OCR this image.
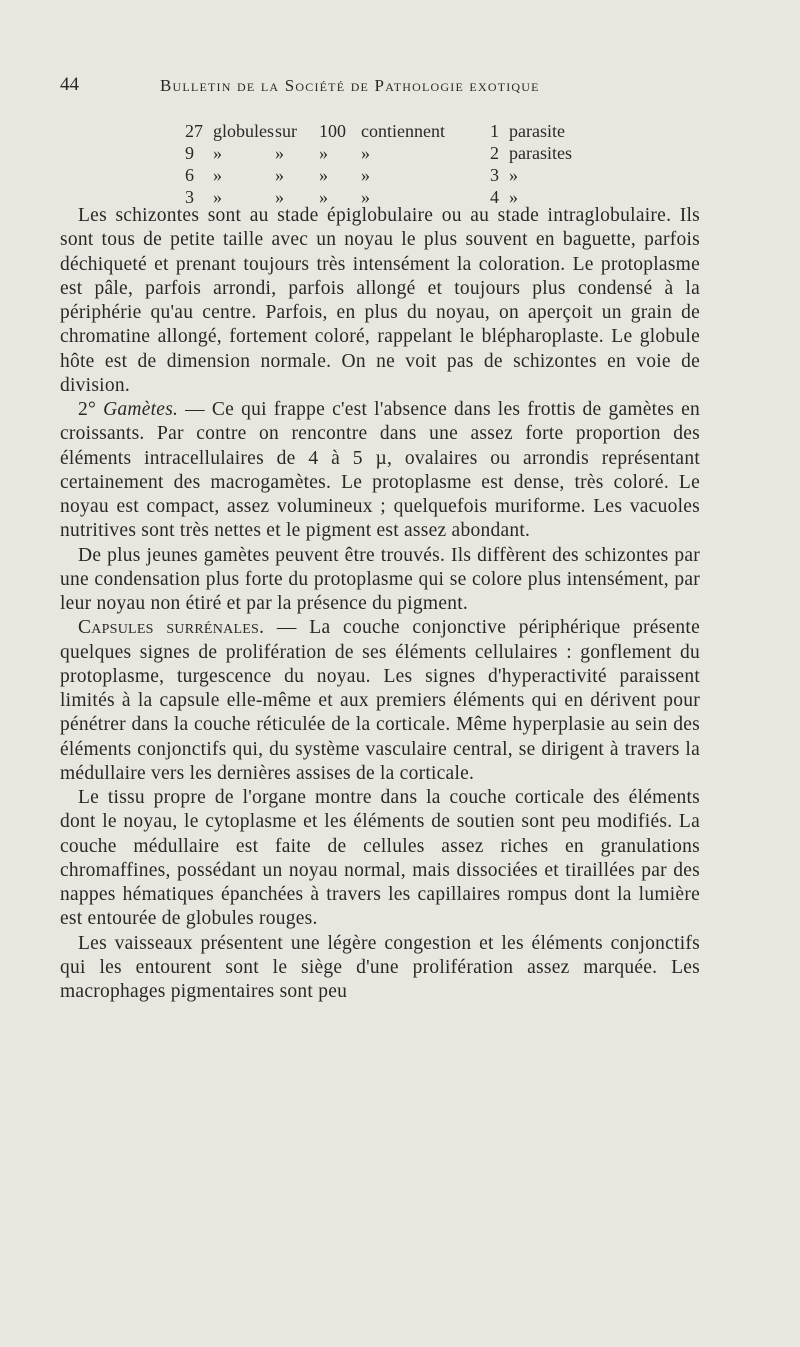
44	Bulletin de la Société de Pathologie exotique
27	globules	sur	100	contiennent	1	parasite
9	»	»	»	»	2	parasites
6	»	»	»	»	3	»
3	»	»	»	»	4	»

Les schizontes sont au stade épiglobulaire ou au stade intraglobulaire. Ils sont tous de petite taille avec un noyau le plus souvent en baguette, parfois déchiqueté et prenant toujours très intensément la coloration. Le protoplasme est pâle, parfois arrondi, parfois allongé et toujours plus condensé à la périphérie qu'au centre. Parfois, en plus du noyau, on aperçoit un grain de chromatine allongé, fortement coloré, rappelant le blépharoplaste. Le globule hôte est de dimension normale. On ne voit pas de schizontes en voie de division.

2° Gamètes. — Ce qui frappe c'est l'absence dans les frottis de gamètes en croissants. Par contre on rencontre dans une assez forte proportion des éléments intracellulaires de 4 à 5 µ, ovalaires ou arrondis représentant certainement des macrogamètes. Le protoplasme est dense, très coloré. Le noyau est compact, assez volumineux ; quelquefois muriforme. Les vacuoles nutritives sont très nettes et le pigment est assez abondant.

De plus jeunes gamètes peuvent être trouvés. Ils diffèrent des schizontes par une condensation plus forte du protoplasme qui se colore plus intensément, par leur noyau non étiré et par la présence du pigment.

Capsules surrénales. — La couche conjonctive périphérique présente quelques signes de prolifération de ses éléments cellulaires : gonflement du protoplasme, turgescence du noyau. Les signes d'hyperactivité paraissent limités à la capsule elle-même et aux premiers éléments qui en dérivent pour pénétrer dans la couche réticulée de la corticale. Même hyperplasie au sein des éléments conjonctifs qui, du système vasculaire central, se dirigent à travers la médullaire vers les dernières assises de la corticale.

Le tissu propre de l'organe montre dans la couche corticale des éléments dont le noyau, le cytoplasme et les éléments de soutien sont peu modifiés. La couche médullaire est faite de cellules assez riches en granulations chromaffines, possédant un noyau normal, mais dissociées et tiraillées par des nappes hématiques épanchées à travers les capillaires rompus dont la lumière est entourée de globules rouges.

Les vaisseaux présentent une légère congestion et les éléments conjonctifs qui les entourent sont le siège d'une prolifération assez marquée. Les macrophages pigmentaires sont peu
